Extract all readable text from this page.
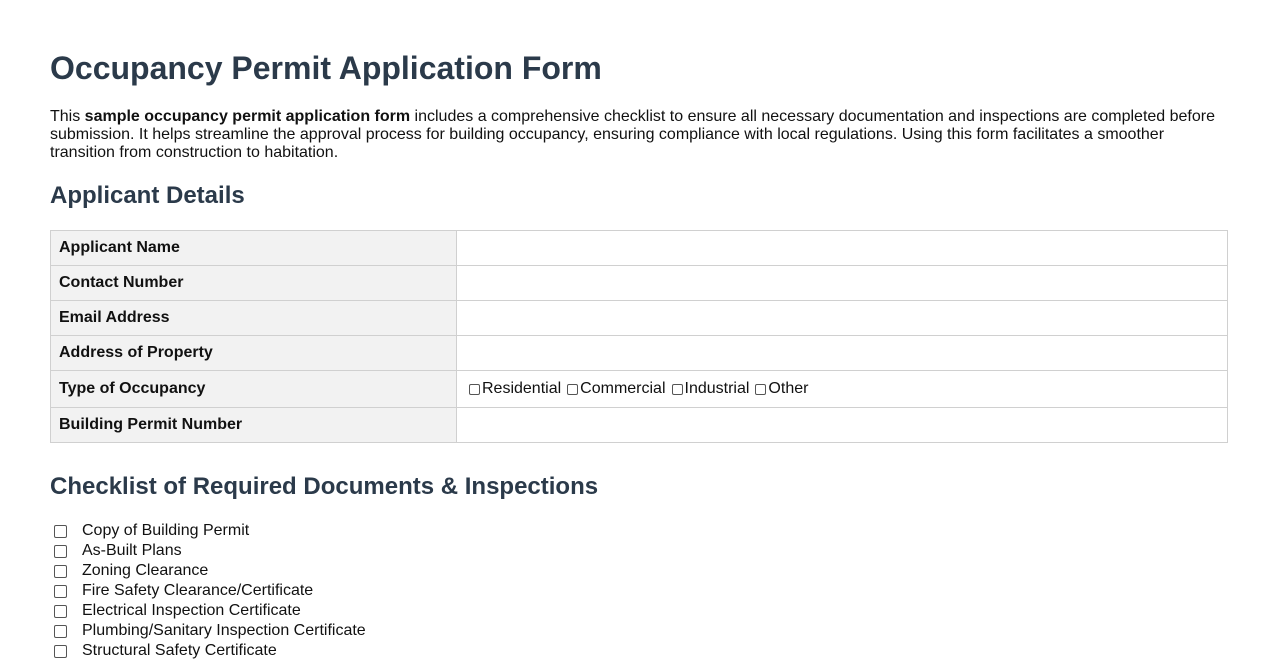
Occupancy Permit Application Form

This sample occupancy permit application form includes a comprehensive checklist to ensure all necessary documentation and inspections are completed before submission. It helps streamline the approval process for building occupancy, ensuring compliance with local regulations. Using this form facilitates a smoother transition from construction to habitation.

Applicant Details
Applicant Name	
Contact Number	
Email Address	
Address of Property	
Type of Occupancy	Residential Commercial Industrial Other

Building Permit Number	
Checklist of Required Documents & Inspections
Copy of Building Permit
As-Built Plans
Zoning Clearance
Fire Safety Clearance/Certificate
Electrical Inspection Certificate
Plumbing/Sanitary Inspection Certificate
Structural Safety Certificate
